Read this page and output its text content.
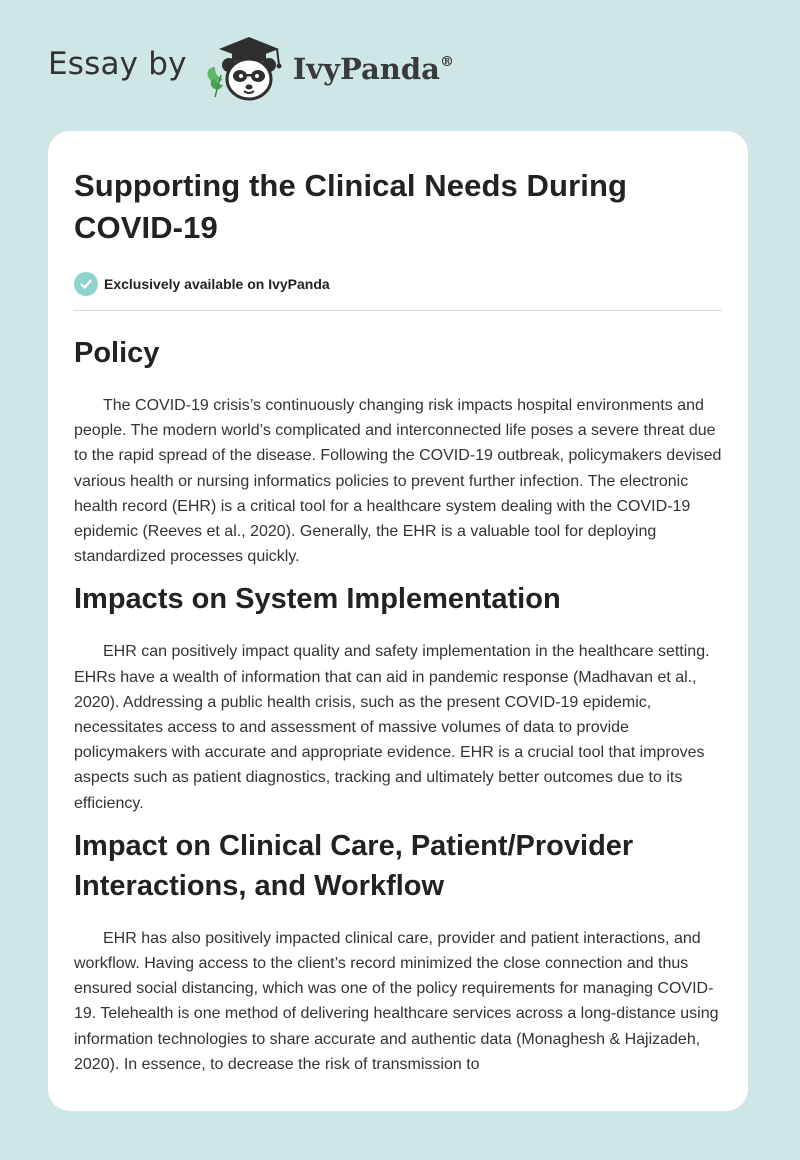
Essay by	IvyPanda®
Supporting the Clinical Needs During COVID-19
Exclusively available on IvyPanda
Policy

The COVID-19 crisis’s continuously changing risk impacts hospital environments and people. The modern world’s complicated and interconnected life poses a severe threat due to the rapid spread of the disease. Following the COVID-19 outbreak, policymakers devised various health or nursing informatics policies to prevent further infection. The electronic health record (EHR) is a critical tool for a healthcare system dealing with the COVID-19 epidemic (Reeves et al., 2020). Generally, the EHR is a valuable tool for deploying standardized processes quickly.

Impacts on System Implementation

EHR can positively impact quality and safety implementation in the healthcare setting. EHRs have a wealth of information that can aid in pandemic response (Madhavan et al., 2020). Addressing a public health crisis, such as the present COVID-19 epidemic, necessitates access to and assessment of massive volumes of data to provide policymakers with accurate and appropriate evidence. EHR is a crucial tool that improves aspects such as patient diagnostics, tracking and ultimately better outcomes due to its efficiency.

Impact on Clinical Care, Patient/Provider Interactions, and Workflow

EHR has also positively impacted clinical care, provider and patient interactions, and workflow. Having access to the client’s record minimized the close connection and thus ensured social distancing, which was one of the policy requirements for managing COVID-19. Telehealth is one method of delivering healthcare services across a long-distance using information technologies to share accurate and authentic data (Monaghesh & Hajizadeh, 2020). In essence, to decrease the risk of transmission to
